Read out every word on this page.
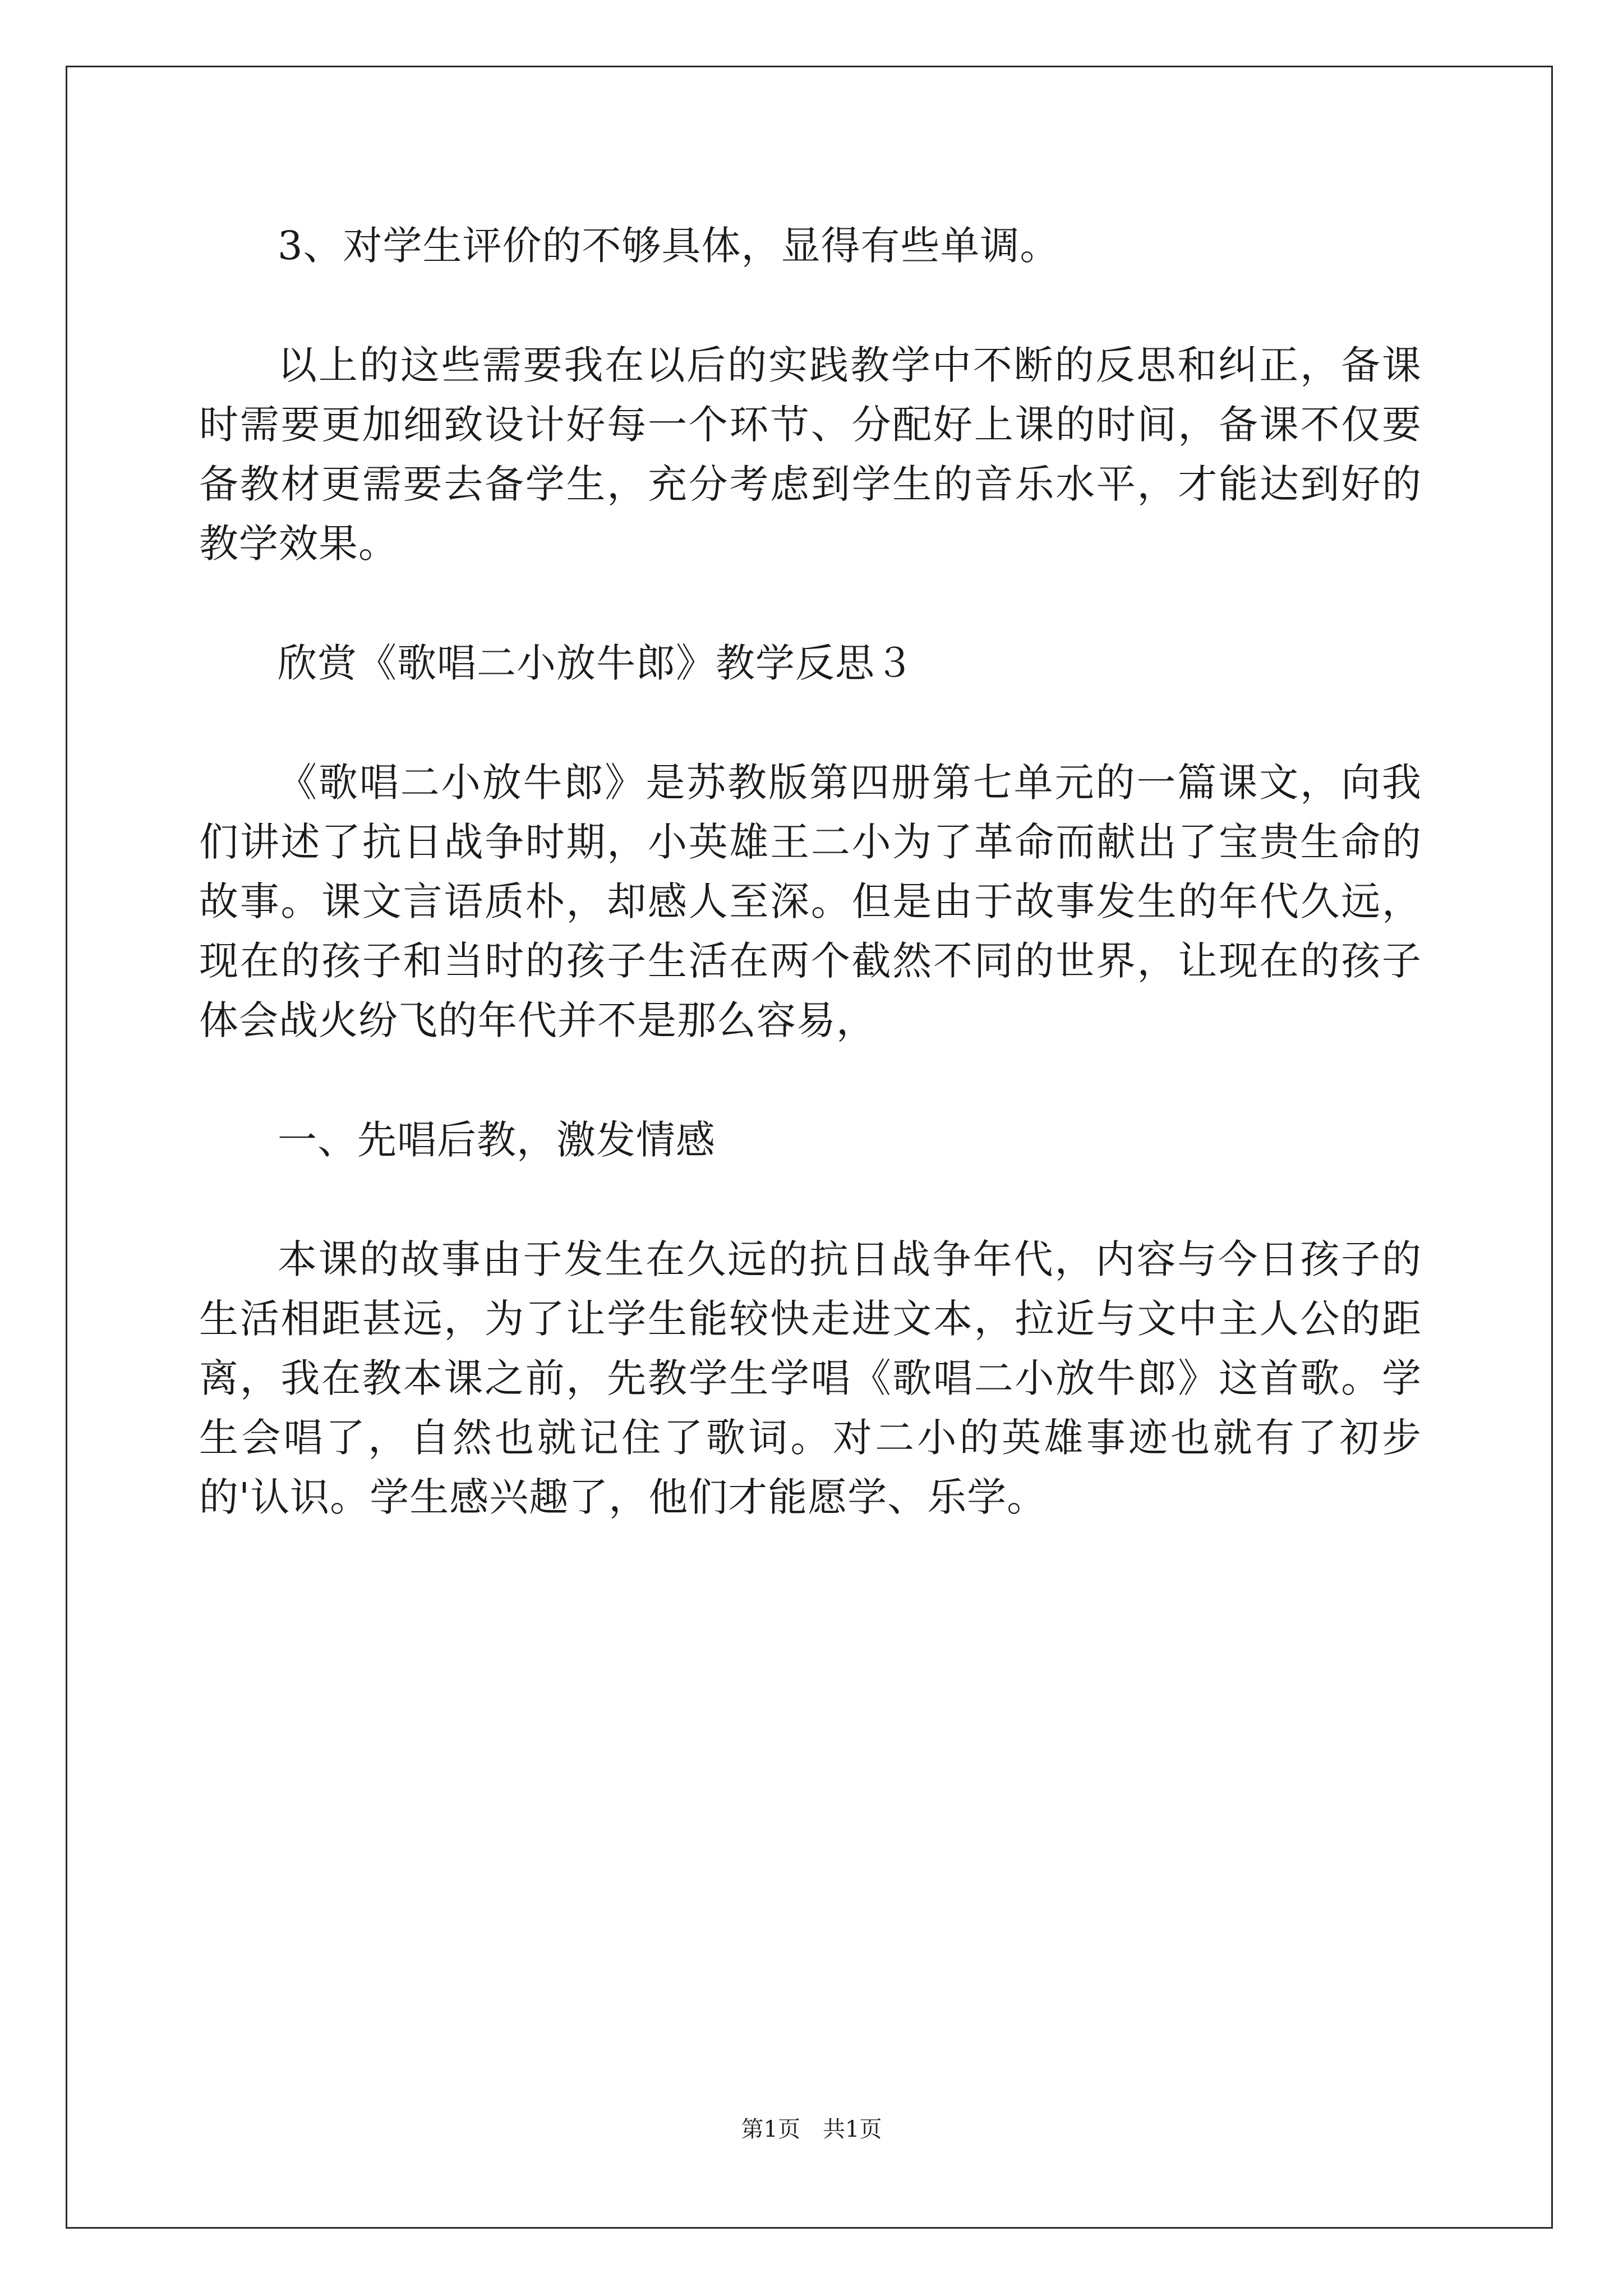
3、对学生评价的不够具体，显得有些单调。

以上的这些需要我在以后的实践教学中不断的反思和纠正，备课时需要更加细致设计好每一个环节、分配好上课的时间，备课不仅要备教材更需要去备学生，充分考虑到学生的音乐水平，才能达到好的教学效果。

欣赏《歌唱二小放牛郎》教学反思３

《歌唱二小放牛郎》是苏教版第四册第七单元的一篇课文，向我们讲述了抗日战争时期，小英雄王二小为了革命而献出了宝贵生命的故事。课文言语质朴，却感人至深。但是由于故事发生的年代久远，现在的孩子和当时的孩子生活在两个截然不同的世界，让现在的孩子体会战火纷飞的年代并不是那么容易，

一、先唱后教，激发情感

本课的故事由于发生在久远的抗日战争年代，内容与今日孩子的生活相距甚远，为了让学生能较快走进文本，拉近与文中主人公的距离，我在教本课之前，先教学生学唱《歌唱二小放牛郎》这首歌。学生会唱了，自然也就记住了歌词。对二小的英雄事迹也就有了初步的'认识。学生感兴趣了，他们才能愿学、乐学。

第1页 共1页
